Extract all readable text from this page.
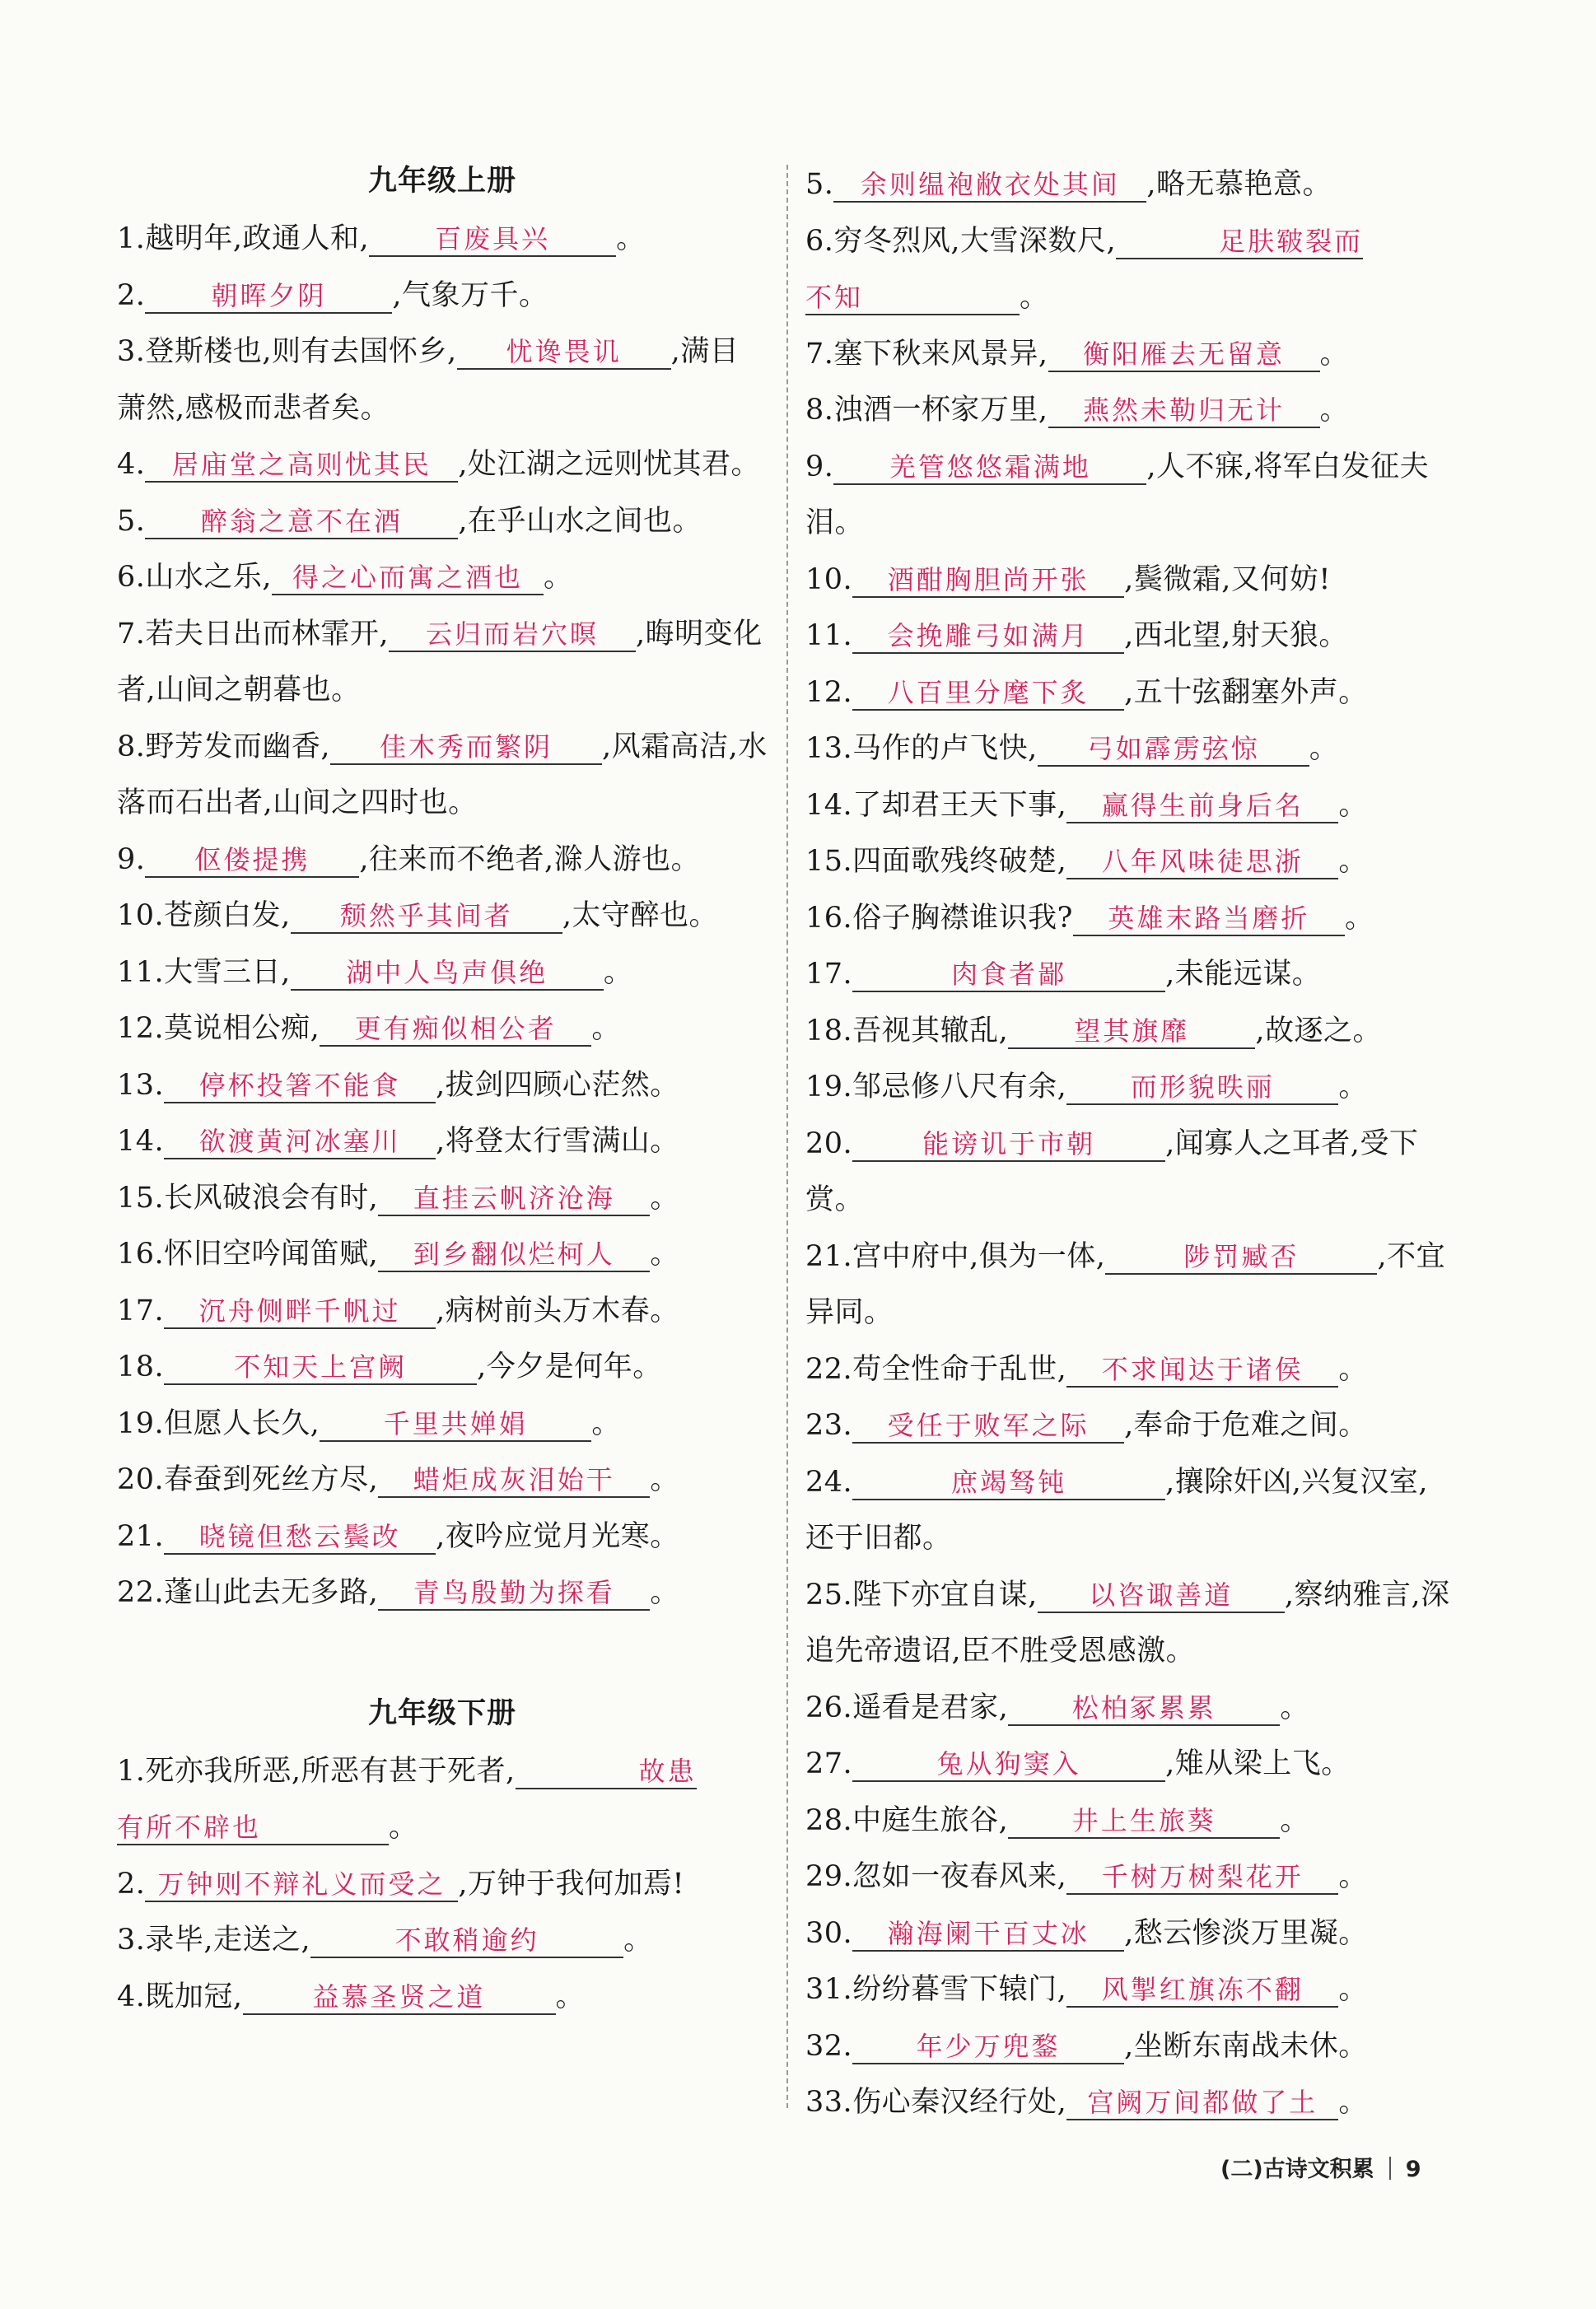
九年级上册
1.越明年,政通人和, 百废具兴 。
2. 朝晖夕阴 ,气象万千。
3.登斯楼也,则有去国怀乡, 忧谗畏讥 ,满目萧然,感极而悲者矣。
4. 居庙堂之高则忧其民 ,处江湖之远则忧其君。
5. 醉翁之意不在酒 ,在乎山水之间也。
6.山水之乐, 得之心而寓之酒也 。
7.若夫日出而林霏开, 云归而岩穴暝 ,晦明变化者,山间之朝暮也。
8.野芳发而幽香, 佳木秀而繁阴 ,风霜高洁,水落而石出者,山间之四时也。
9. 伛偻提携 ,往来而不绝者,滁人游也。
10.苍颜白发, 颓然乎其间者 ,太守醉也。
11.大雪三日, 湖中人鸟声俱绝 。
12.莫说相公痴, 更有痴似相公者 。
13. 停杯投箸不能食 ,拔剑四顾心茫然。
14. 欲渡黄河冰塞川 ,将登太行雪满山。
15.长风破浪会有时, 直挂云帆济沧海 。
16.怀旧空吟闻笛赋, 到乡翻似烂柯人 。
17. 沉舟侧畔千帆过 ,病树前头万木春。
18.	不知天上宫阙 ,今夕是何年。
19.但愿人长久, 千里共婵娟 。
20.春蚕到死丝方尽, 蜡炬成灰泪始干 。
21. 晓镜但愁云鬓改 ,夜吟应觉月光寒。
22.蓬山此去无多路, 青鸟殷勤为探看 。
九年级下册
1.死亦我所恶,所恶有甚于死者,	故患
有所不辟也	。
2. 万钟则不辩礼义而受之 ,万钟于我何加焉!
3.录毕,走送之,	不敢稍逾约	。
4.既加冠,	益慕圣贤之道 。
5. 余则缊袍敝衣处其间 ,略无慕艳意。
6.穷冬烈风,大雪深数尺,	足肤皲裂而
不知	。
7.塞下秋来风景异, 衡阳雁去无留意 。
8.浊酒一杯家万里, 燕然未勒归无计 。
9. 羌管悠悠霜满地 ,人不寐,将军白发征夫泪。
10. 酒酣胸胆尚开张 ,鬓微霜,又何妨!
11. 会挽雕弓如满月 ,西北望,射天狼。
12. 八百里分麾下炙 ,五十弦翻塞外声。
13.马作的卢飞快, 弓如霹雳弦惊 。
14.了却君王天下事, 赢得生前身后名 。
15.四面歌残终破楚, 八年风味徒思浙 。
16.俗子胸襟谁识我? 英雄末路当磨折 。
17.	肉食者鄙	,未能远谋。
18.吾视其辙乱, 望其旗靡 ,故逐之。
19.邹忌修八尺有余, 而形貌昳丽 。
20.	能谤讥于市朝 ,闻寡人之耳者,受下赏。
21.宫中府中,俱为一体,	陟罚臧否	,不宜异同。
22.苟全性命于乱世, 不求闻达于诸侯 。
23. 受任于败军之际 ,奉命于危难之间。
24.	庶竭驽钝	,攘除奸凶,兴复汉室,还于旧都。
25.陛下亦宜自谋, 以咨诹善道 ,察纳雅言,深追先帝遗诏,臣不胜受恩感激。
26.遥看是君家, 松柏冢累累 。
27.	兔从狗窦入	,雉从梁上飞。
28.中庭生旅谷, 井上生旅葵 。
29.忽如一夜春风来, 千树万树梨花开 。
30. 瀚海阑干百丈冰 ,愁云惨淡万里凝。
31.纷纷暮雪下辕门, 风掣红旗冻不翻 。
32. 年少万兜鍪 ,坐断东南战未休。
33.伤心秦汉经行处, 宫阙万间都做了土 。
(二)古诗文积累 9
